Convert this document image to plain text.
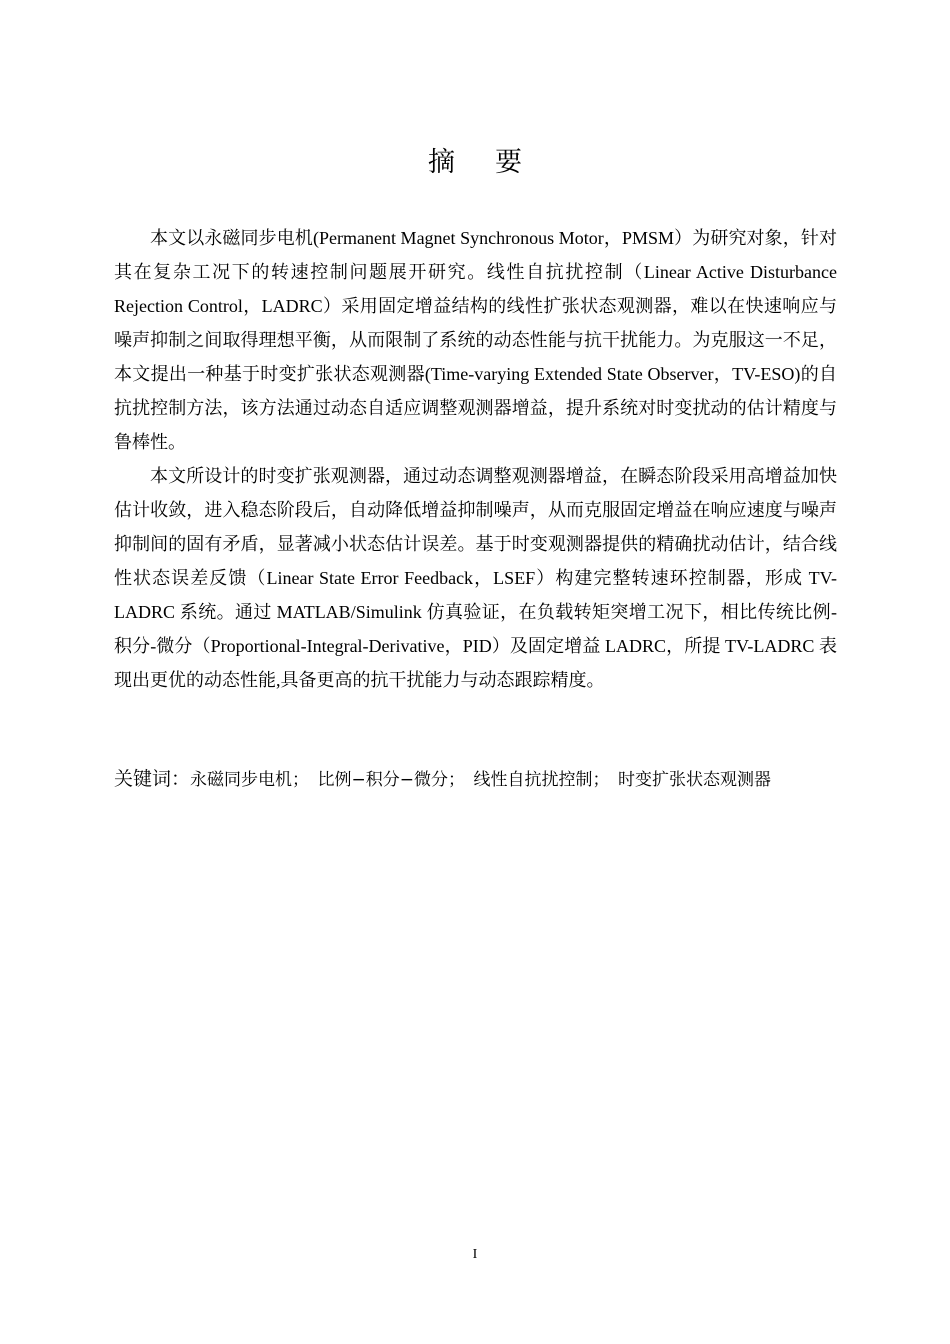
摘要

本文以永磁同步电机(Permanent Magnet Synchronous Motor，PMSM）为研究对象，针对其在复杂工况下的转速控制问题展开研究。线性自抗扰控制（Linear Active Disturbance Rejection Control，LADRC）采用固定增益结构的线性扩张状态观测器，难以在快速响应与噪声抑制之间取得理想平衡，从而限制了系统的动态性能与抗干扰能力。为克服这一不足，本文提出一种基于时变扩张状态观测器(Time-varying Extended State Observer，TV-ESO)的自抗扰控制方法，该方法通过动态自适应调整观测器增益，提升系统对时变扰动的估计精度与鲁棒性。

本文所设计的时变扩张观测器，通过动态调整观测器增益，在瞬态阶段采用高增益加快估计收敛，进入稳态阶段后，自动降低增益抑制噪声，从而克服固定增益在响应速度与噪声抑制间的固有矛盾，显著减小状态估计误差。基于时变观测器提供的精确扰动估计，结合线性状态误差反馈（Linear State Error Feedback，LSEF）构建完整转速环控制器，形成 TV-LADRC 系统。通过 MATLAB/Simulink 仿真验证，在负载转矩突增工况下，相比传统比例-积分-微分（Proportional-Integral-Derivative，PID）及固定增益 LADRC，所提 TV-LADRC 表现出更优的动态性能,具备更高的抗干扰能力与动态跟踪精度。

关键词：永磁同步电机；　比例−积分−微分；　线性自抗扰控制；　时变扩张状态观测器
I
